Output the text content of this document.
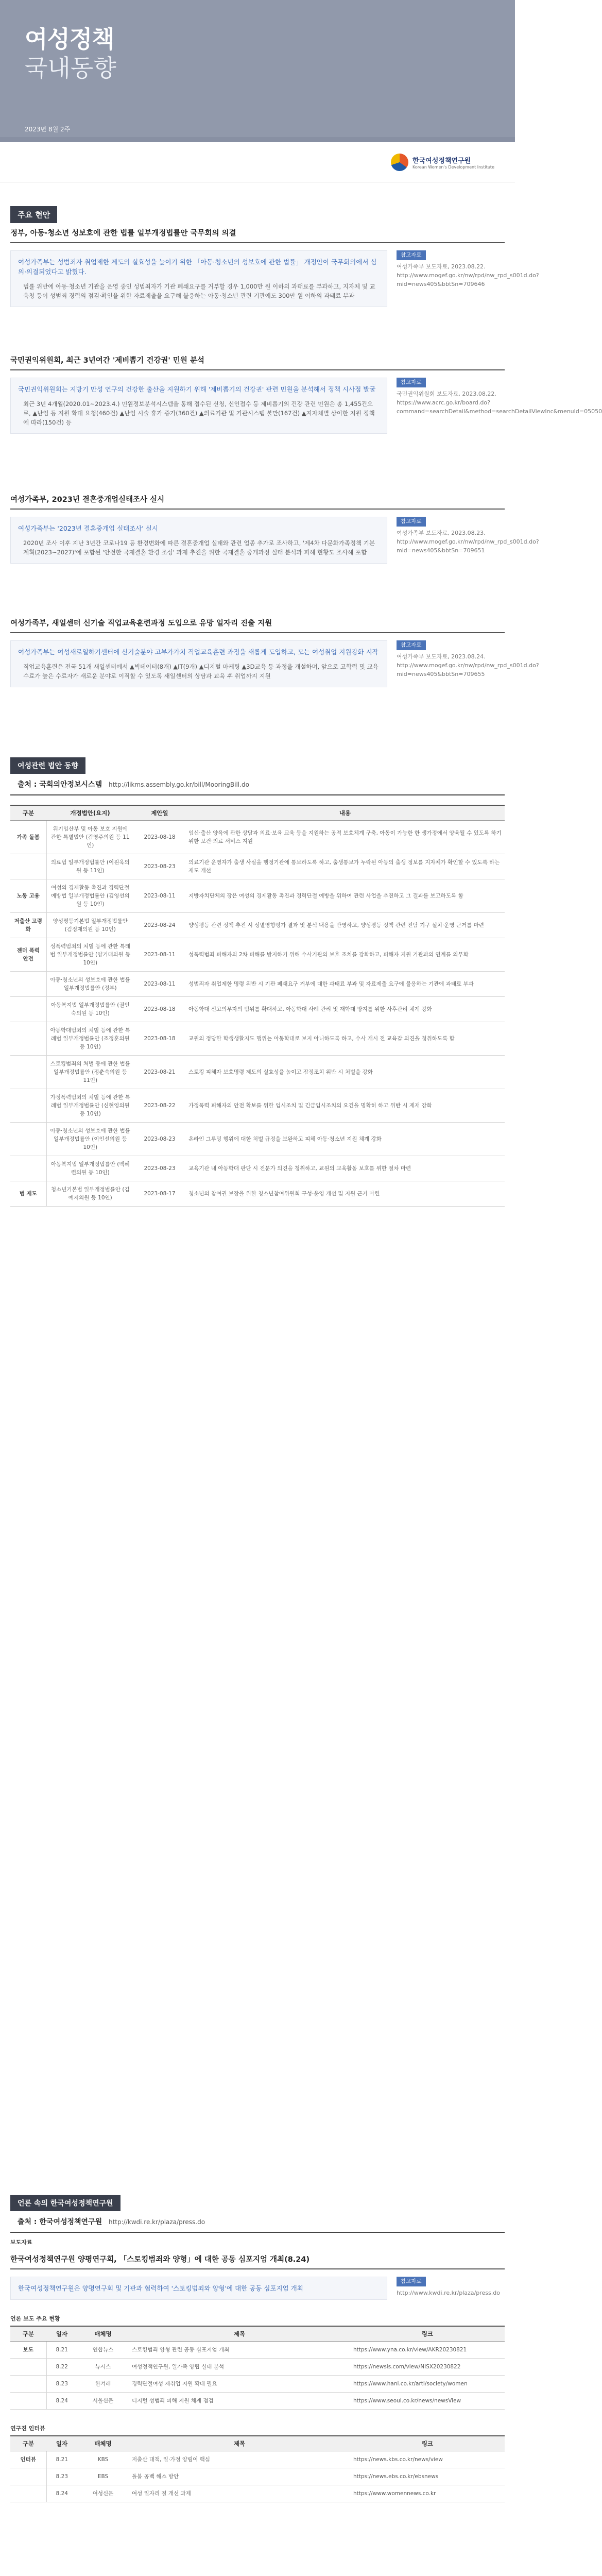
여성정책
국내동향
2023년 8월 2주
한국여성정책연구원
Korean Women's Development Institute
주요 현안
정부, 아동·청소년 성보호에 관한 법률 일부개정법률안 국무회의 의결
여성가족부는 성범죄자 취업제한 제도의 실효성을 높이기 위한 「아동·청소년의 성보호에 관한 법률」 개정안이 국무회의에서 심의·의결되었다고 밝혔다.
법률 위반에 아동·청소년 기관을 운영 중인 성범죄자가 기관 폐쇄요구를 거부할 경우 1,000만 원 이하의 과태료를 부과하고, 지자체 및 교육청 등이 성범죄 경력의 점검·확인을 위한 자료제출을 요구해 불응하는 아동·청소년 관련 기관에도 300만 원 이하의 과태료 부과
참고자료
여성가족부 보도자료, 2023.08.22. http://www.mogef.go.kr/nw/rpd/nw_rpd_s001d.do?mid=news405&bbtSn=709646
국민권익위원회, 최근 3년여간 '제비뽑기 건강권' 민원 분석
국민권익위원회는 지방기 만성 연구의 건강한 출산을 지원하기 위해 '제비뽑기의 건강권' 관련 민원을 분석해서 정책 시사점 발굴
최근 3년 4개월(2020.01~2023.4.) 민원정보분석시스템을 통해 접수된 신청, 신인접수 등 제비뽑기의 건강 관련 민원은 총 1,455건으로, ▲난임 등 지원 확대 요청(460건) ▲난임 시술 휴가 증가(360건) ▲의료기관 및 기관시스템 불만(167건) ▲지자체별 상이한 지원 정책에 따라(150건) 등
참고자료
국민권익위원회 보도자료, 2023.08.22. https://www.acrc.go.kr/board.do?command=searchDetail&method=searchDetailViewInc&menuId=05050
여성가족부, 2023년 결혼중개업실태조사 실시
여성가족부는 '2023년 결혼중개업 실태조사' 실시
2020년 조사 이후 지난 3년간 코로나19 등 환경변화에 따른 결혼중개업 실태와 관련 업종 추가로 조사하고, '제4차 다문화가족정책 기본계획(2023~2027)'에 포함된 '안전한 국제결혼 환경 조성' 과제 추진을 위한 국제결혼 중개과정 실태 분석과 피해 현황도 조사해 포함
참고자료
여성가족부 보도자료, 2023.08.23. http://www.mogef.go.kr/nw/rpd/nw_rpd_s001d.do?mid=news405&bbtSn=709651
여성가족부, 새일센터 신기술 직업교육훈련과정 도입으로 유망 일자리 진출 지원
여성가족부는 여성새로일하기센터에 신기술분야 고부가가치 직업교육훈련 과정을 새롭게 도입하고, 모는 여성취업 지원강화 시작
직업교육훈련은 전국 51개 새일센터에서 ▲빅데이터(8개) ▲IT(9개) ▲디지털 마케팅 ▲3D교육 등 과정을 개설하며, 앞으로 고학력 및 교육 수료가 높은 수료자가 새로운 분야로 이직할 수 있도록 새일센터의 상담과 교육 후 취업까지 지원
참고자료
여성가족부 보도자료, 2023.08.24. http://www.mogef.go.kr/nw/rpd/nw_rpd_s001d.do?mid=news405&bbtSn=709655
여성관련 법안 동향
출처 : 국회의안정보시스템 http://likms.assembly.go.kr/bill/MooringBill.do
구분	개정법안(요지)	제안일	내용
가족 돌봄	위기임산부 및 아동 보호 지원에 관한 특별법안 (김영주의원 등 11인)	2023-08-18	임신·출산 양육에 관한 상담과 의료·보육 교육 등을 지원하는 공적 보호체계 구축, 아동이 가능한 한 생가정에서 양육될 수 있도록 하기 위한 보건·의료 서비스 지원
	의료법 일부개정법률안 (이원욱의원 등 11인)	2023-08-23	의료기관 운영자가 출생 사실을 행정기관에 통보하도록 하고, 출생통보가 누락된 아동의 출생 정보를 지자체가 확인할 수 있도록 하는 제도 개선
노동 고용	여성의 경제활동 촉진과 경력단절 예방법 일부개정법률안 (김영선의원 등 10인)	2023-08-11	지방자치단체의 장은 여성의 경제활동 촉진과 경력단절 예방을 위하여 관련 사업을 추진하고 그 결과를 보고하도록 함
저출산 고령화	양성평등기본법 일부개정법률안 (김정재의원 등 10인)	2023-08-24	양성평등 관련 정책 추진 시 성별영향평가 결과 및 분석 내용을 반영하고, 양성평등 정책 관련 전담 기구 설치·운영 근거를 마련
젠더 폭력 안전	성폭력범죄의 처벌 등에 관한 특례법 일부개정법률안 (양기대의원 등 10인)	2023-08-11	성폭력범죄 피해자의 2차 피해를 방지하기 위해 수사기관의 보호 조치를 강화하고, 피해자 지원 기관과의 연계를 의무화
	아동·청소년의 성보호에 관한 법률 일부개정법률안 (정부)	2023-08-11	성범죄자 취업제한 명령 위반 시 기관 폐쇄요구 거부에 대한 과태료 부과 및 자료제출 요구에 불응하는 기관에 과태료 부과
	아동복지법 일부개정법률안 (권인숙의원 등 10인)	2023-08-18	아동학대 신고의무자의 범위를 확대하고, 아동학대 사례 관리 및 재학대 방지를 위한 사후관리 체계 강화
	아동학대범죄의 처벌 등에 관한 특례법 일부개정법률안 (조정훈의원 등 10인)	2023-08-18	교원의 정당한 학생생활지도 행위는 아동학대로 보지 아니하도록 하고, 수사 개시 전 교육감 의견을 청취하도록 함
	스토킹범죄의 처벌 등에 관한 법률 일부개정법률안 (정춘숙의원 등 11인)	2023-08-21	스토킹 피해자 보호명령 제도의 실효성을 높이고 잠정조치 위반 시 처벌을 강화
	가정폭력범죄의 처벌 등에 관한 특례법 일부개정법률안 (신현영의원 등 10인)	2023-08-22	가정폭력 피해자의 안전 확보를 위한 임시조치 및 긴급임시조치의 요건을 명확히 하고 위반 시 제재 강화
	아동·청소년의 성보호에 관한 법률 일부개정법률안 (이인선의원 등 10인)	2023-08-23	온라인 그루밍 행위에 대한 처벌 규정을 보완하고 피해 아동·청소년 지원 체계 강화
	아동복지법 일부개정법률안 (백혜련의원 등 10인)	2023-08-23	교육기관 내 아동학대 판단 시 전문가 의견을 청취하고, 교원의 교육활동 보호를 위한 절차 마련
법 제도	청소년기본법 일부개정법률안 (김예지의원 등 10인)	2023-08-17	청소년의 참여권 보장을 위한 청소년참여위원회 구성·운영 개선 및 지원 근거 마련
언론 속의 한국여성정책연구원
출처 : 한국여성정책연구원 http://kwdi.re.kr/plaza/press.do
보도자료
한국여성정책연구원 양평연구회, 「스토킹범죄와 양형」에 대한 공동 심포지엄 개최(8.24)
한국여성정책연구원은 양평연구회 및 기관과 협력하여 '스토킹범죄와 양형'에 대한 공동 심포지엄 개최
참고자료
http://www.kwdi.re.kr/plaza/press.do
언론 보도 주요 현황
구분	일자	매체명	제목	링크
보도	8.21	연합뉴스	스토킹범죄 양형 관련 공동 심포지엄 개최	https://www.yna.co.kr/view/AKR20230821
	8.22	뉴시스	여성정책연구원, 일가족 양립 실태 분석	https://newsis.com/view/NISX20230822
	8.23	한겨레	경력단절여성 재취업 지원 확대 필요	https://www.hani.co.kr/arti/society/women
	8.24	서울신문	디지털 성범죄 피해 지원 체계 점검	https://www.seoul.co.kr/news/newsView
연구진 인터뷰
구분	일자	매체명	제목	링크
인터뷰	8.21	KBS	저출산 대책, 일·가정 양립이 핵심	https://news.kbs.co.kr/news/view
	8.23	EBS	돌봄 공백 해소 방안	https://news.ebs.co.kr/ebsnews
	8.24	여성신문	여성 일자리 질 개선 과제	https://www.womennews.co.kr
